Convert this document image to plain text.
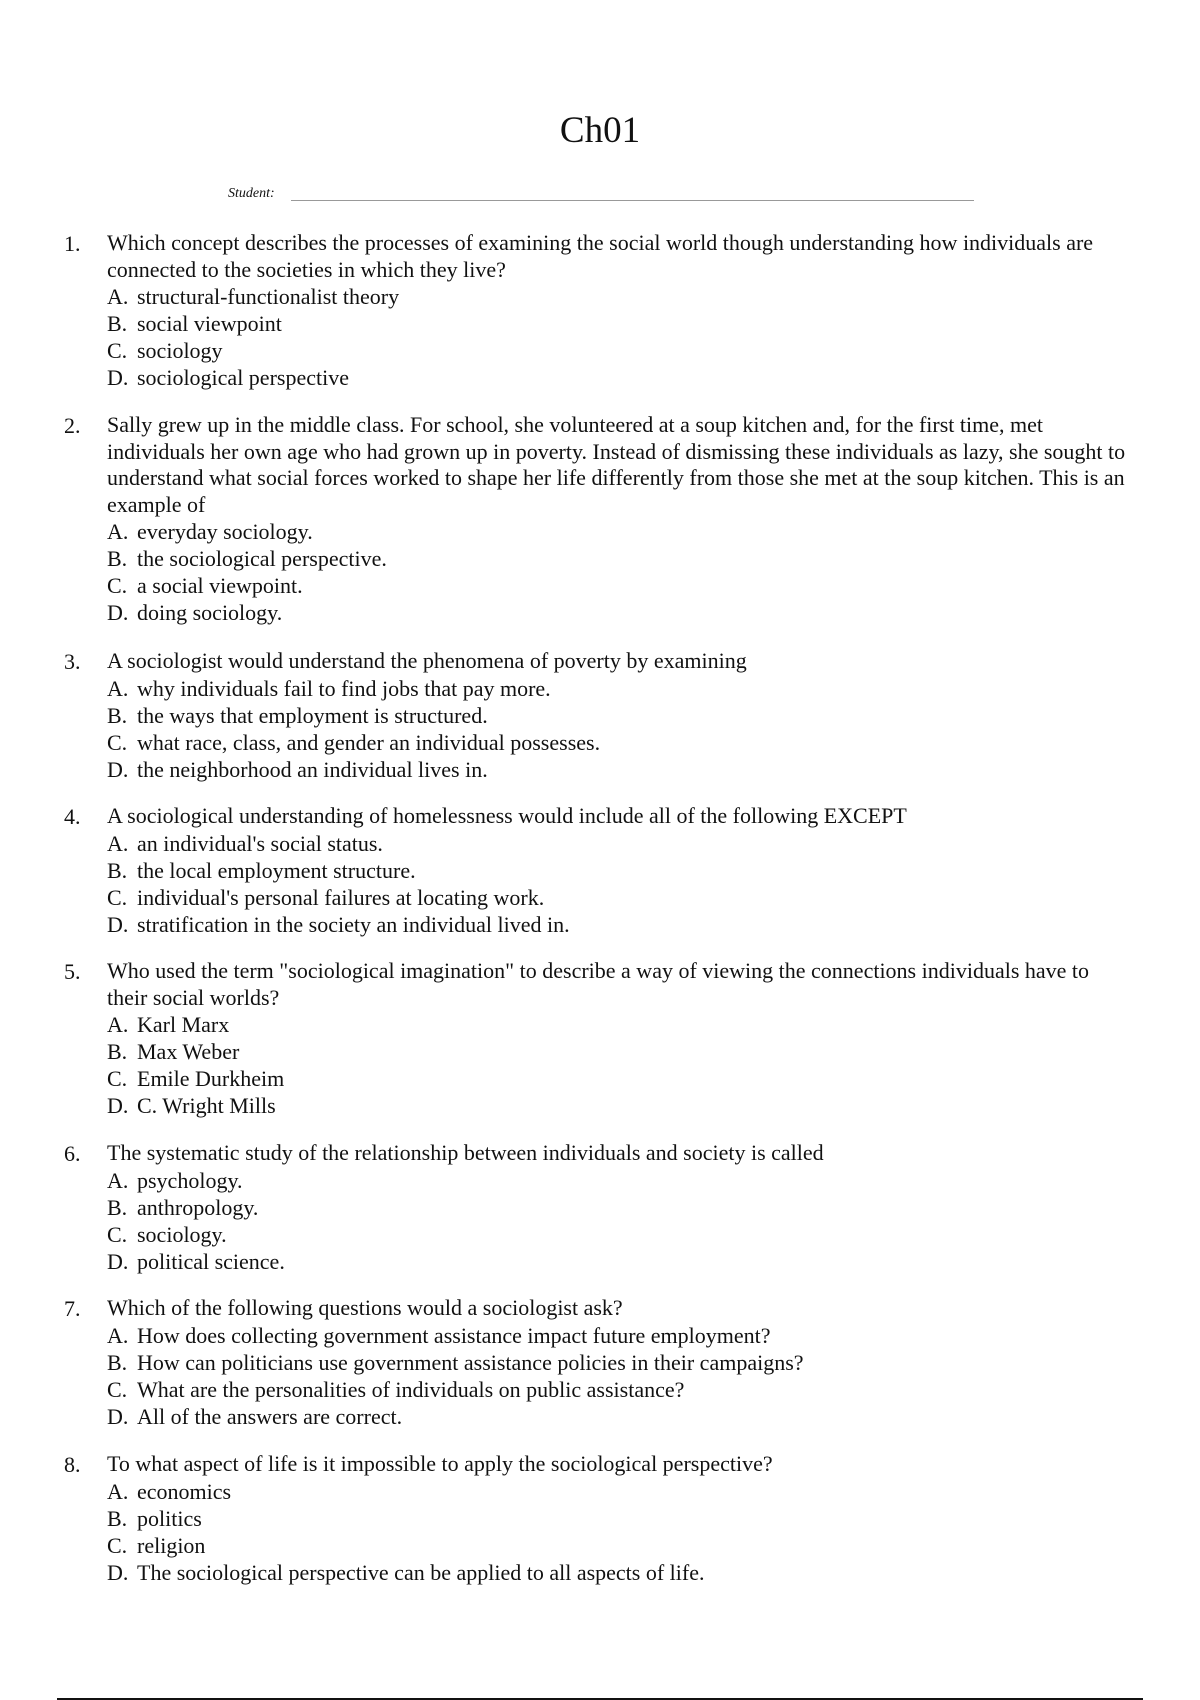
Ch01
Student:
1. Which concept describes the processes of examining the social world though understanding how individuals are connected to the societies in which they live?
A. structural-functionalist theory
B. social viewpoint
C. sociology
D. sociological perspective
2. Sally grew up in the middle class. For school, she volunteered at a soup kitchen and, for the first time, met individuals her own age who had grown up in poverty. Instead of dismissing these individuals as lazy, she sought to understand what social forces worked to shape her life differently from those she met at the soup kitchen. This is an example of
A. everyday sociology.
B. the sociological perspective.
C. a social viewpoint.
D. doing sociology.
3. A sociologist would understand the phenomena of poverty by examining
A. why individuals fail to find jobs that pay more.
B. the ways that employment is structured.
C. what race, class, and gender an individual possesses.
D. the neighborhood an individual lives in.
4. A sociological understanding of homelessness would include all of the following EXCEPT
A. an individual's social status.
B. the local employment structure.
C. individual's personal failures at locating work.
D. stratification in the society an individual lived in.
5. Who used the term "sociological imagination" to describe a way of viewing the connections individuals have to their social worlds?
A. Karl Marx
B. Max Weber
C. Emile Durkheim
D. C. Wright Mills
6. The systematic study of the relationship between individuals and society is called
A. psychology.
B. anthropology.
C. sociology.
D. political science.
7. Which of the following questions would a sociologist ask?
A. How does collecting government assistance impact future employment?
B. How can politicians use government assistance policies in their campaigns?
C. What are the personalities of individuals on public assistance?
D. All of the answers are correct.
8. To what aspect of life is it impossible to apply the sociological perspective?
A. economics
B. politics
C. religion
D. The sociological perspective can be applied to all aspects of life.
